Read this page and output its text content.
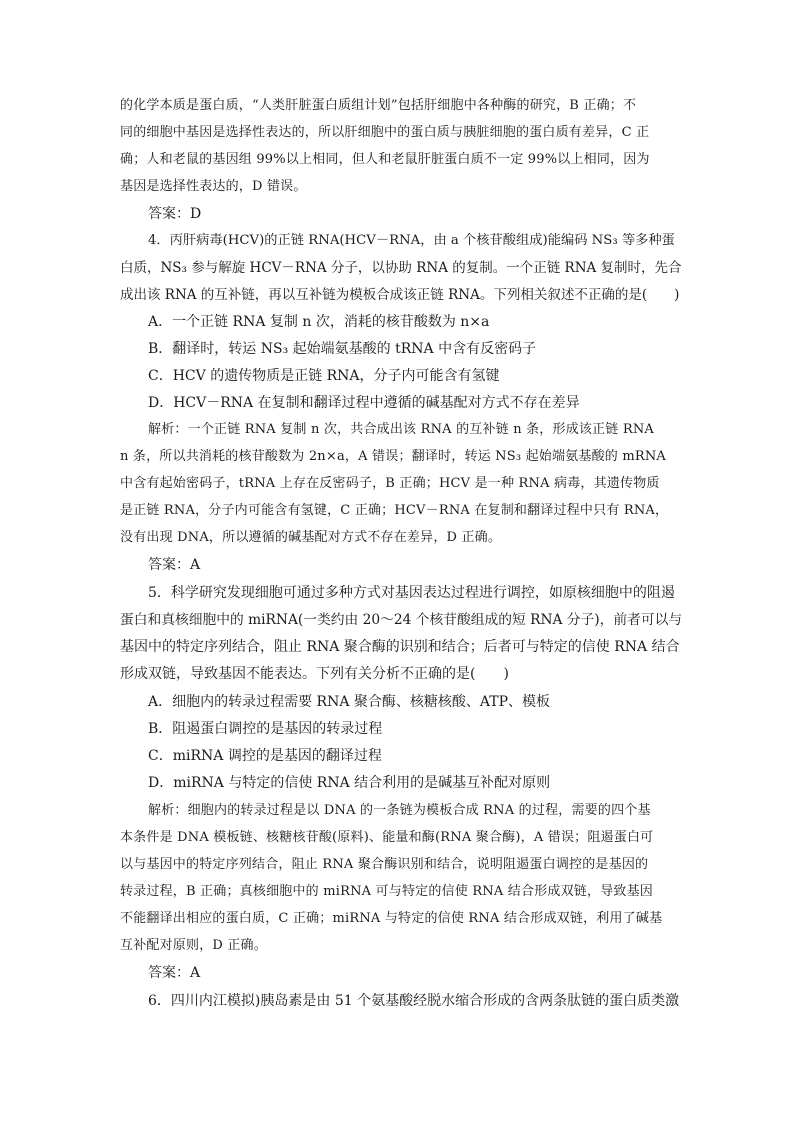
的化学本质是蛋白质，“人类肝脏蛋白质组计划”包括肝细胞中各种酶的研究，B 正确；不
同的细胞中基因是选择性表达的，所以肝细胞中的蛋白质与胰脏细胞的蛋白质有差异，C 正
确；人和老鼠的基因组 99%以上相同，但人和老鼠肝脏蛋白质不一定 99%以上相同，因为
基因是选择性表达的，D 错误。
答案：D
4．丙肝病毒(HCV)的正链 RNA(HCV－RNA，由 a 个核苷酸组成)能编码 NS₃ 等多种蛋
白质，NS₃ 参与解旋 HCV－RNA 分子，以协助 RNA 的复制。一个正链 RNA 复制时，先合
成出该 RNA 的互补链，再以互补链为模板合成该正链 RNA。下列相关叙述不正确的是(　　)
A．一个正链 RNA 复制 n 次，消耗的核苷酸数为 n×a
B．翻译时，转运 NS₃ 起始端氨基酸的 tRNA 中含有反密码子
C．HCV 的遗传物质是正链 RNA，分子内可能含有氢键
D．HCV－RNA 在复制和翻译过程中遵循的碱基配对方式不存在差异
解析：一个正链 RNA 复制 n 次，共合成出该 RNA 的互补链 n 条，形成该正链 RNA
n 条，所以共消耗的核苷酸数为 2n×a，A 错误；翻译时，转运 NS₃ 起始端氨基酸的 mRNA
中含有起始密码子，tRNA 上存在反密码子，B 正确；HCV 是一种 RNA 病毒，其遗传物质
是正链 RNA，分子内可能含有氢键，C 正确；HCV－RNA 在复制和翻译过程中只有 RNA，
没有出现 DNA，所以遵循的碱基配对方式不存在差异，D 正确。
答案：A
5．科学研究发现细胞可通过多种方式对基因表达过程进行调控，如原核细胞中的阻遏
蛋白和真核细胞中的 miRNA(一类约由 20～24 个核苷酸组成的短 RNA 分子)，前者可以与
基因中的特定序列结合，阻止 RNA 聚合酶的识别和结合；后者可与特定的信使 RNA 结合
形成双链，导致基因不能表达。下列有关分析不正确的是(　　)
A．细胞内的转录过程需要 RNA 聚合酶、核糖核酸、ATP、模板
B．阻遏蛋白调控的是基因的转录过程
C．miRNA 调控的是基因的翻译过程
D．miRNA 与特定的信使 RNA 结合利用的是碱基互补配对原则
解析：细胞内的转录过程是以 DNA 的一条链为模板合成 RNA 的过程，需要的四个基
本条件是 DNA 模板链、核糖核苷酸(原料)、能量和酶(RNA 聚合酶)，A 错误；阻遏蛋白可
以与基因中的特定序列结合，阻止 RNA 聚合酶识别和结合，说明阻遏蛋白调控的是基因的
转录过程，B 正确；真核细胞中的 miRNA 可与特定的信使 RNA 结合形成双链，导致基因
不能翻译出相应的蛋白质，C 正确；miRNA 与特定的信使 RNA 结合形成双链，利用了碱基
互补配对原则，D 正确。
答案：A
6．四川内江模拟)胰岛素是由 51 个氨基酸经脱水缩合形成的含两条肽链的蛋白质类激
